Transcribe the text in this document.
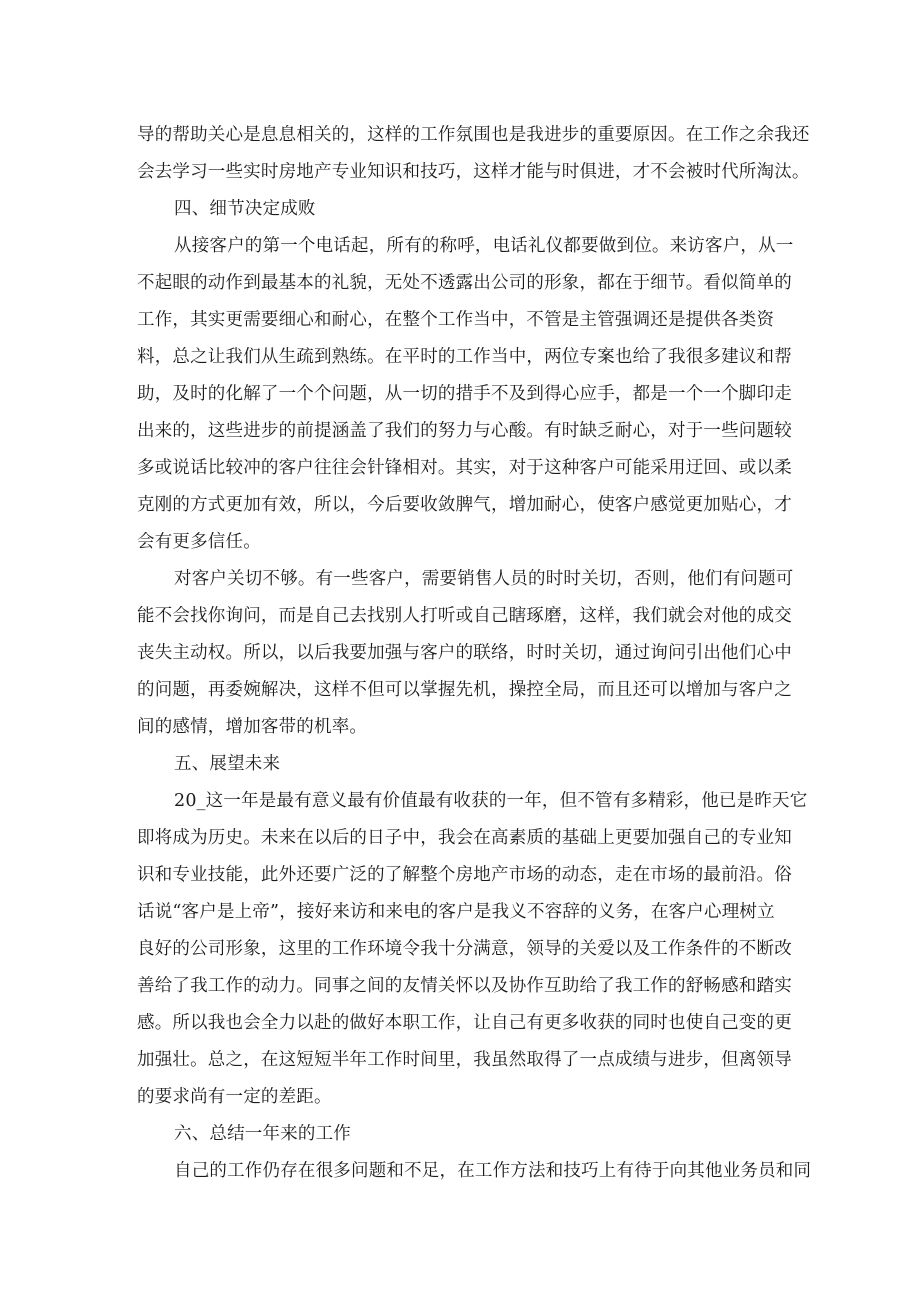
导的帮助关心是息息相关的，这样的工作氛围也是我进步的重要原因。在工作之余我还
会去学习一些实时房地产专业知识和技巧，这样才能与时俱进，才不会被时代所淘汰。
四、细节决定成败
从接客户的第一个电话起，所有的称呼，电话礼仪都要做到位。来访客户，从一
不起眼的动作到最基本的礼貌，无处不透露出公司的形象，都在于细节。看似简单的
工作，其实更需要细心和耐心，在整个工作当中，不管是主管强调还是提供各类资
料，总之让我们从生疏到熟练。在平时的工作当中，两位专案也给了我很多建议和帮
助，及时的化解了一个个问题，从一切的措手不及到得心应手，都是一个一个脚印走
出来的，这些进步的前提涵盖了我们的努力与心酸。有时缺乏耐心，对于一些问题较
多或说话比较冲的客户往往会针锋相对。其实，对于这种客户可能采用迂回、或以柔
克刚的方式更加有效，所以，今后要收敛脾气，增加耐心，使客户感觉更加贴心，才
会有更多信任。
对客户关切不够。有一些客户，需要销售人员的时时关切，否则，他们有问题可
能不会找你询问，而是自己去找别人打听或自己瞎琢磨，这样，我们就会对他的成交
丧失主动权。所以，以后我要加强与客户的联络，时时关切，通过询问引出他们心中
的问题，再委婉解决，这样不但可以掌握先机，操控全局，而且还可以增加与客户之
间的感情，增加客带的机率。
五、展望未来
20_这一年是最有意义最有价值最有收获的一年，但不管有多精彩，他已是昨天它
即将成为历史。未来在以后的日子中，我会在高素质的基础上更要加强自己的专业知
识和专业技能，此外还要广泛的了解整个房地产市场的动态，走在市场的最前沿。俗
话说“客户是上帝”，接好来访和来电的客户是我义不容辞的义务，在客户心理树立
良好的公司形象，这里的工作环境令我十分满意，领导的关爱以及工作条件的不断改
善给了我工作的动力。同事之间的友情关怀以及协作互助给了我工作的舒畅感和踏实
感。所以我也会全力以赴的做好本职工作，让自己有更多收获的同时也使自己变的更
加强壮。总之，在这短短半年工作时间里，我虽然取得了一点成绩与进步，但离领导
的要求尚有一定的差距。
六、总结一年来的工作
自己的工作仍存在很多问题和不足，在工作方法和技巧上有待于向其他业务员和同
